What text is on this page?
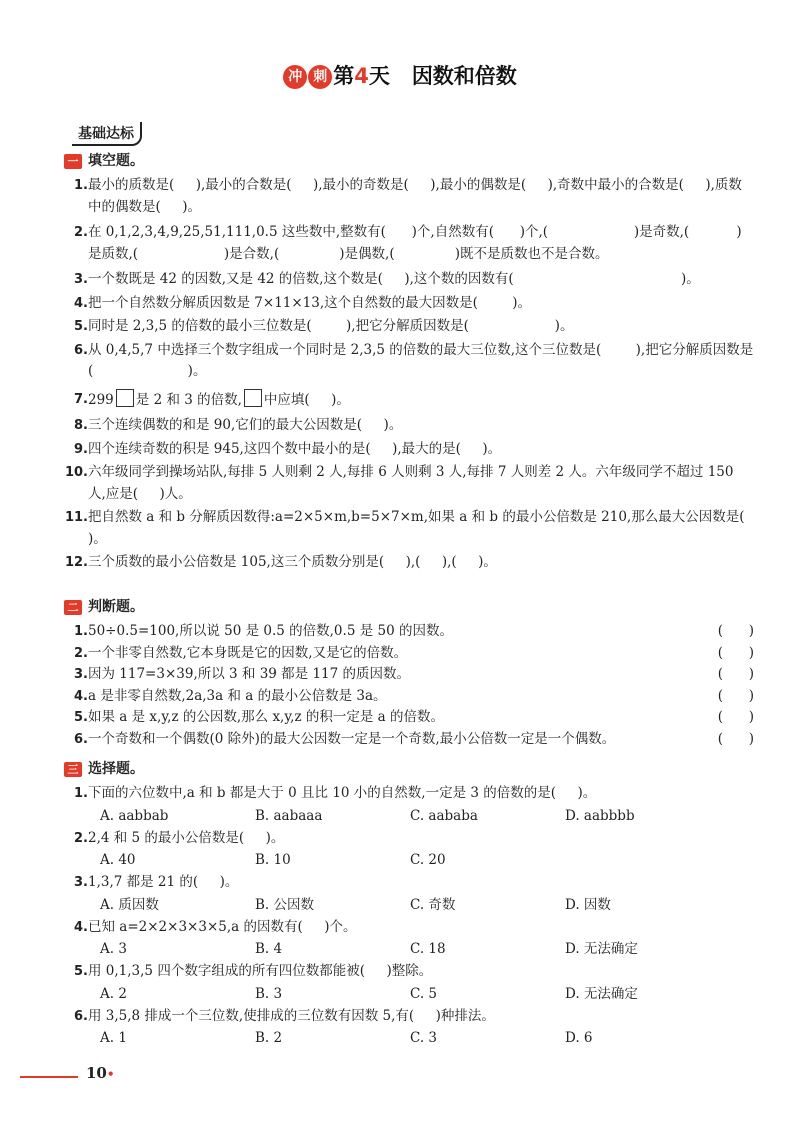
冲 刺 第4天 因数和倍数
基础达标
一 填空题。
1. 最小的质数是(     ),最小的合数是(     ),最小的奇数是(     ),最小的偶数是(     ),奇数中最小的合数是(     ),质数中的偶数是(     )。
2. 在 0,1,2,3,4,9,25,51,111,0.5 这些数中,整数有(      )个,自然数有(      )个,(                    )是奇数,(           )是质数,(                    )是合数,(              )是偶数,(              )既不是质数也不是合数。
3. 一个数既是 42 的因数,又是 42 的倍数,这个数是(     ),这个数的因数有(                                       )。
4. 把一个自然数分解质因数是 7×11×13,这个自然数的最大因数是(        )。
5. 同时是 2,3,5 的倍数的最小三位数是(        ),把它分解质因数是(                    )。
6. 从 0,4,5,7 中选择三个数字组成一个同时是 2,3,5 的倍数的最大三位数,这个三位数是(        ),把它分解质因数是(                      )。
7. 299 是 2 和 3 的倍数, 中应填(     )。
8. 三个连续偶数的和是 90,它们的最大公因数是(     )。
9. 四个连续奇数的积是 945,这四个数中最小的是(     ),最大的是(     )。
10. 六年级同学到操场站队,每排 5 人则剩 2 人,每排 6 人则剩 3 人,每排 7 人则差 2 人。六年级同学不超过 150 人,应是(     )人。
11. 把自然数 a 和 b 分解质因数得:a=2×5×m,b=5×7×m,如果 a 和 b 的最小公倍数是 210,那么最大公因数是(     )。
12. 三个质数的最小公倍数是 105,这三个质数分别是(     ),(     ),(     )。
二 判断题。
1. 50÷0.5=100,所以说 50 是 0.5 的倍数,0.5 是 50 的因数。	(      )
2. 一个非零自然数,它本身既是它的因数,又是它的倍数。	(      )
3. 因为 117=3×39,所以 3 和 39 都是 117 的质因数。	(      )
4. a 是非零自然数,2a,3a 和 a 的最小公倍数是 3a。	(      )
5. 如果 a 是 x,y,z 的公因数,那么 x,y,z 的积一定是 a 的倍数。	(      )
6. 一个奇数和一个偶数(0 除外)的最大公因数一定是一个奇数,最小公倍数一定是一个偶数。	(      )
三 选择题。
1. 下面的六位数中,a 和 b 都是大于 0 且比 10 小的自然数,一定是 3 的倍数的是(     )。
A. aabbab	B. aabaaa	C. aababa	D. aabbbb
2. 2,4 和 5 的最小公倍数是(     )。
A. 40	B. 10	C. 20
3. 1,3,7 都是 21 的(     )。
A. 质因数	B. 公因数	C. 奇数	D. 因数
4. 已知 a=2×2×3×3×5,a 的因数有(     )个。
A. 3	B. 4	C. 18	D. 无法确定
5. 用 0,1,3,5 四个数字组成的所有四位数都能被(     )整除。
A. 2	B. 3	C. 5	D. 无法确定
6. 用 3,5,8 排成一个三位数,使排成的三位数有因数 5,有(     )种排法。
A. 1	B. 2	C. 3	D. 6
10•
